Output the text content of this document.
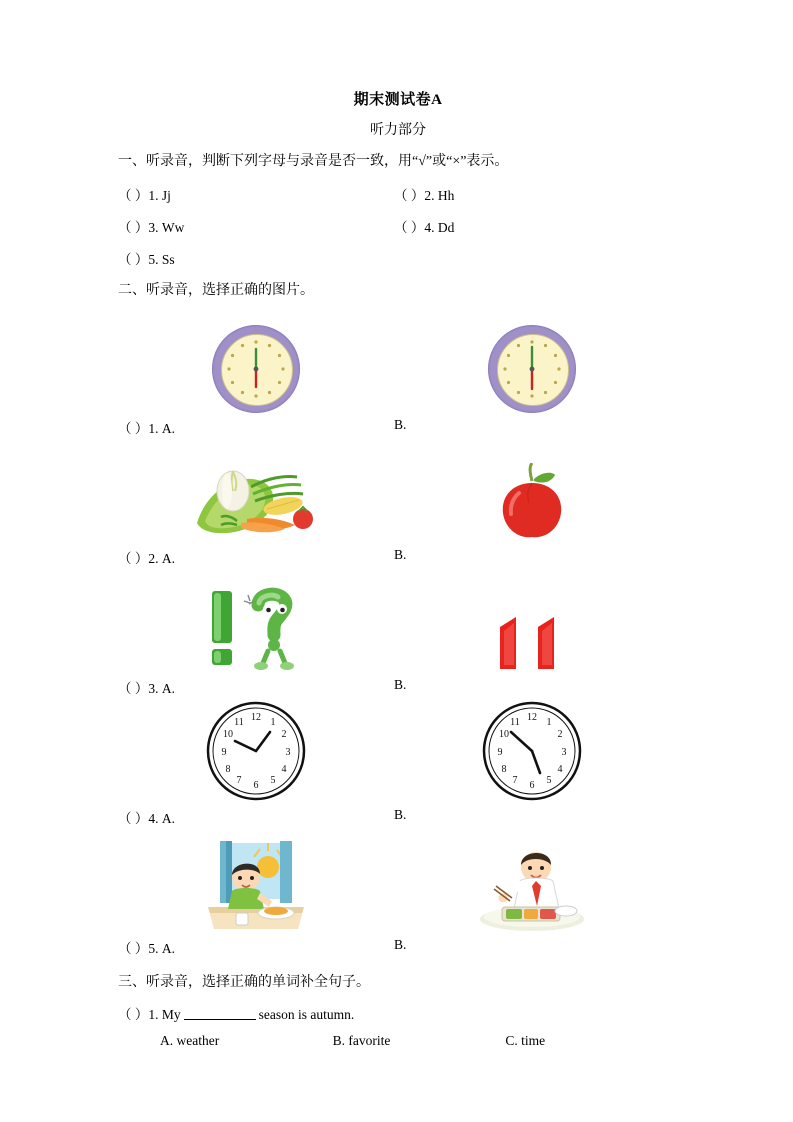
期末测试卷A
听力部分
一、听录音，判断下列字母与录音是否一致，用“√”或“×”表示。
（ ）1. Jj	（ ）2. Hh
（ ）3. Ww	（ ）4. Dd
（ ）5. Ss
二、听录音，选择正确的图片。
（ ）1. A.	B.
（ ）2. A.	B.
（ ）3. A.	B.
12 1
2
3
4
5
6
7
8
9
10
11	12 1
2
3
4
5
6
7
8
9
10
11
（ ）4. A.	B.
（ ）5. A.	B.
三、听录音，选择正确的单词补全句子。
（ ）1. My	season is autumn.
A. weather	B. favorite	C. time
